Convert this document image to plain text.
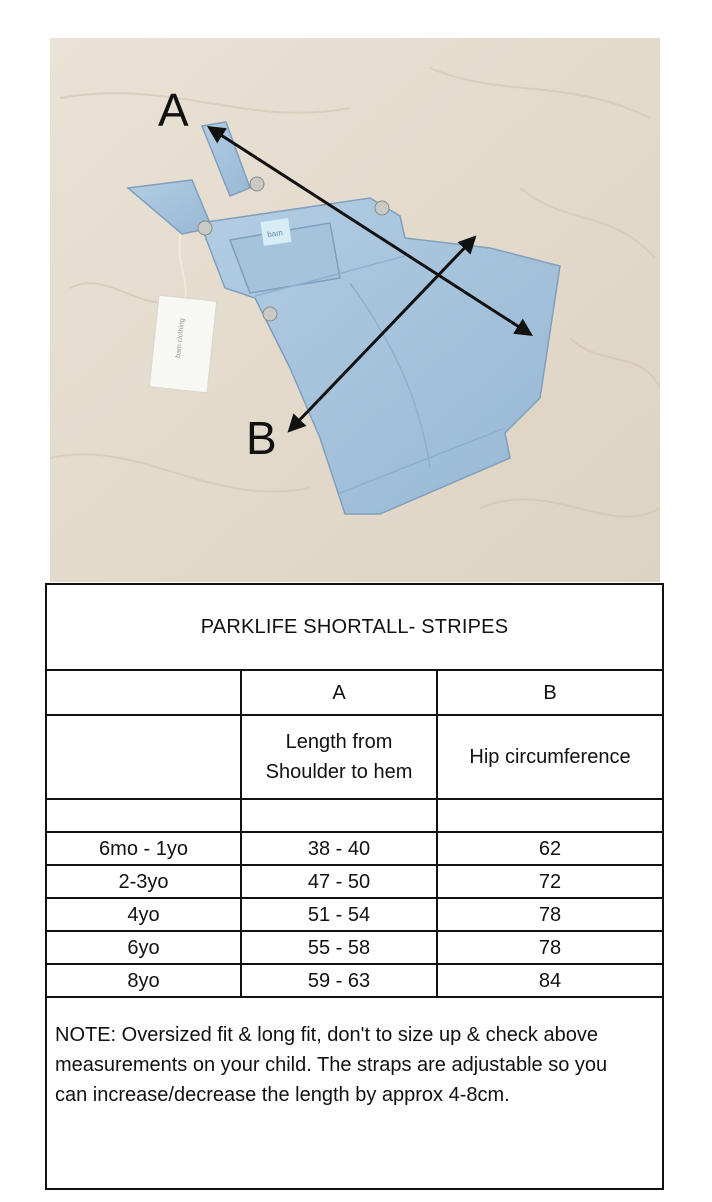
bam clothing
bam
A
B
PARKLIFE SHORTALL- STRIPES		
	A	B

	Length from
Shoulder to hem	Hip circumference

6mo - 1yo	38 - 40	62
2-3yo	47 - 50	72
4yo	51 - 54	78
6yo	55 - 58	78
8yo	59 - 63	84

NOTE: Oversized fit & long fit, don't to size up & check above
measurements on your child. The straps are adjustable so you
can increase/decrease the length by approx 4-8cm.		
